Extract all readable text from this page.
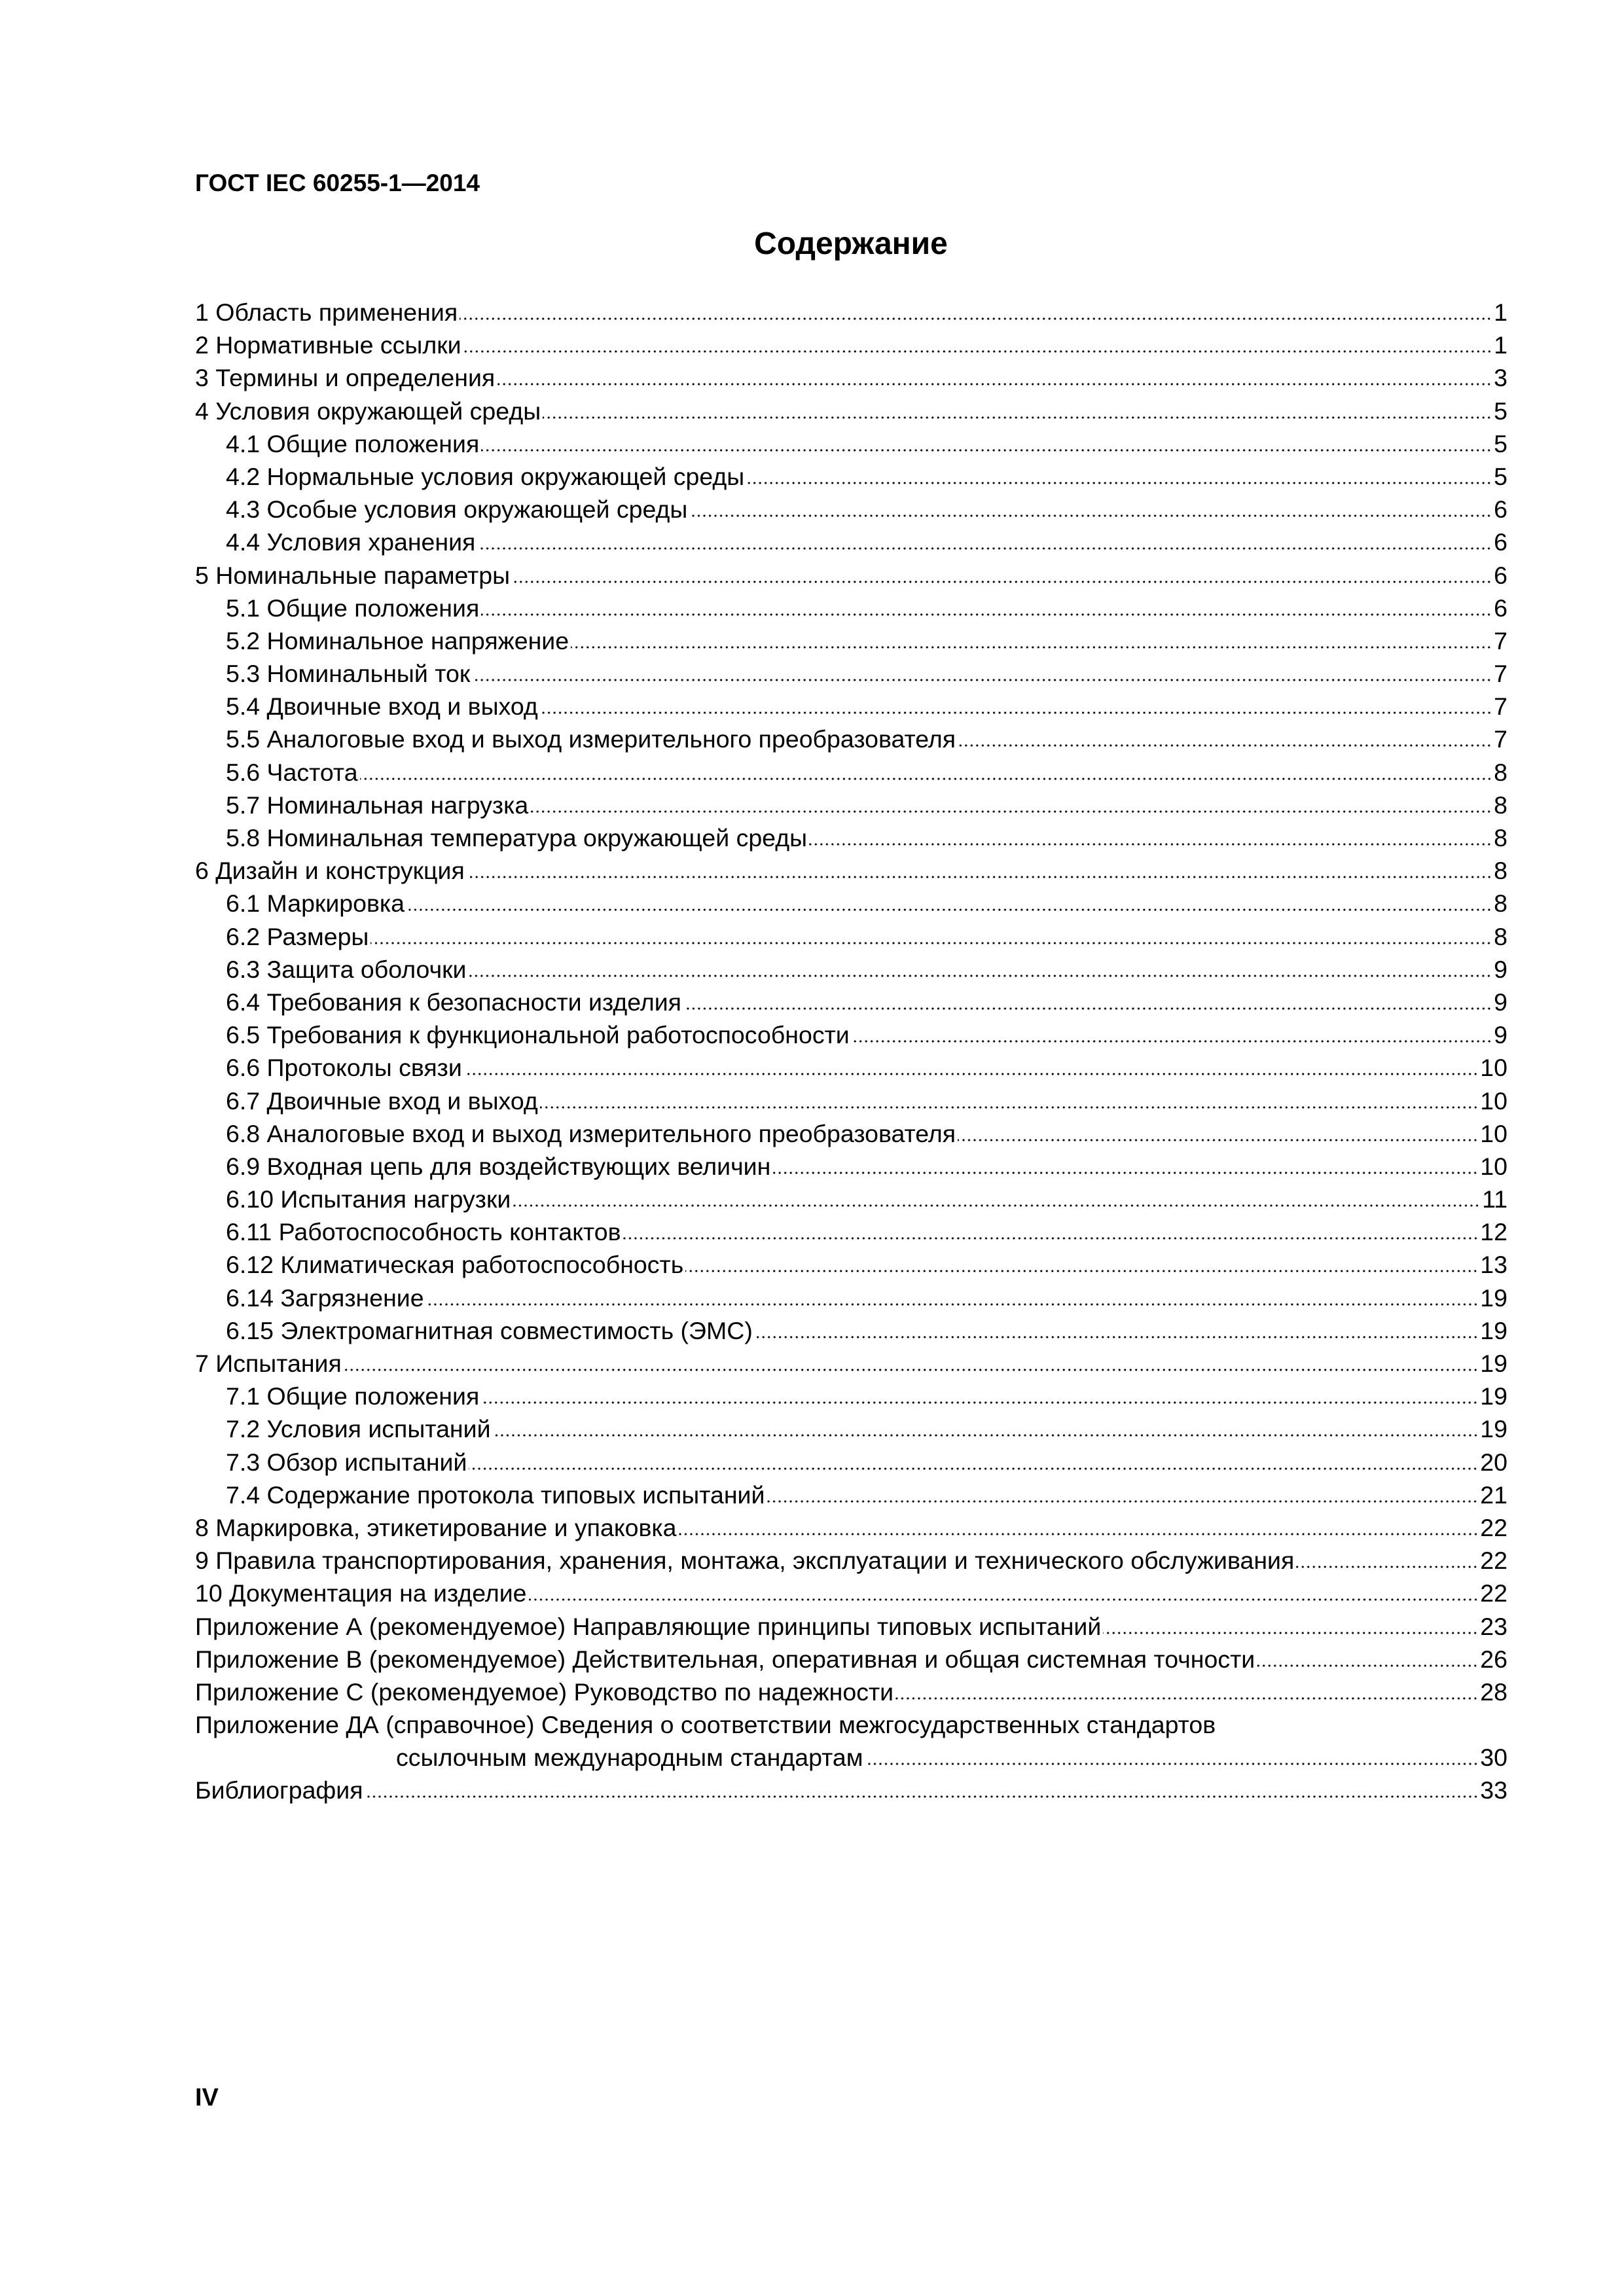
ГОСТ IEC 60255-1—2014
Содержание
1 Область применения	1
2 Нормативные ссылки	1
3 Термины и определения	3
4 Условия окружающей среды	5
4.1 Общие положения	5
4.2 Нормальные условия окружающей среды	5
4.3 Особые условия окружающей среды	6
4.4 Условия хранения	6
5 Номинальные параметры	6
5.1 Общие положения	6
5.2 Номинальное напряжение	7
5.3 Номинальный ток	7
5.4 Двоичные вход и выход	7
5.5 Аналоговые вход и выход измерительного преобразователя	7
5.6 Частота	8
5.7 Номинальная нагрузка	8
5.8 Номинальная температура окружающей среды	8
6 Дизайн и конструкция	8
6.1 Маркировка	8
6.2 Размеры	8
6.3 Защита оболочки	9
6.4 Требования к безопасности изделия	9
6.5 Требования к функциональной работоспособности	9
6.6 Протоколы связи	10
6.7 Двоичные вход и выход	10
6.8 Аналоговые вход и выход измерительного преобразователя	10
6.9 Входная цепь для воздействующих величин	10
6.10 Испытания нагрузки	11
6.11 Работоспособность контактов	12
6.12 Климатическая работоспособность	13
6.14 Загрязнение	19
6.15 Электромагнитная совместимость (ЭМС)	19
7 Испытания	19
7.1 Общие положения	19
7.2 Условия испытаний	19
7.3 Обзор испытаний	20
7.4 Содержание протокола типовых испытаний	21
8 Маркировка, этикетирование и упаковка	22
9 Правила транспортирования, хранения, монтажа, эксплуатации и технического обслуживания	22
10 Документация на изделие	22
Приложение А (рекомендуемое) Направляющие принципы типовых испытаний	23
Приложение В (рекомендуемое) Действительная, оперативная и общая системная точности	26
Приложение С (рекомендуемое) Руководство по надежности	28
Приложение ДА (справочное) Сведения о соответствии межгосударственных стандартов
ссылочным международным стандартам	30
Библиография	33
IV
